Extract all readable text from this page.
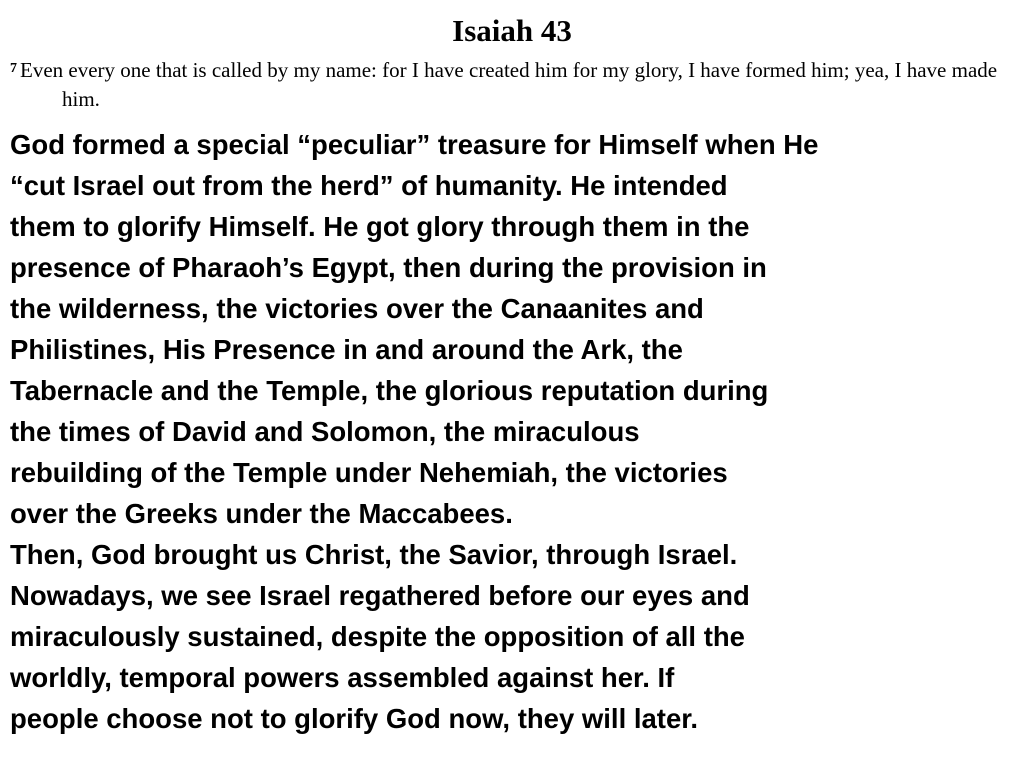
Isaiah 43

$^7$ Even every one that is called by my name: for I have created him for my glory, I have formed him; yea, I have made him.

God formed a special “peculiar” treasure for Himself when He
“cut Israel out from the herd” of humanity. He intended
them to glorify Himself. He got glory through them in the
presence of Pharaoh’s Egypt, then during the provision in
the wilderness, the victories over the Canaanites and
Philistines, His Presence in and around the Ark, the
Tabernacle and the Temple, the glorious reputation during
the times of David and Solomon, the miraculous
rebuilding of the Temple under Nehemiah, the victories
over the Greeks under the Maccabees.

Then, God brought us Christ, the Savior, through Israel.

Nowadays, we see Israel regathered before our eyes and
miraculously sustained, despite the opposition of all the
worldly, temporal powers assembled against her. If
people choose not to glorify God now, they will later.
